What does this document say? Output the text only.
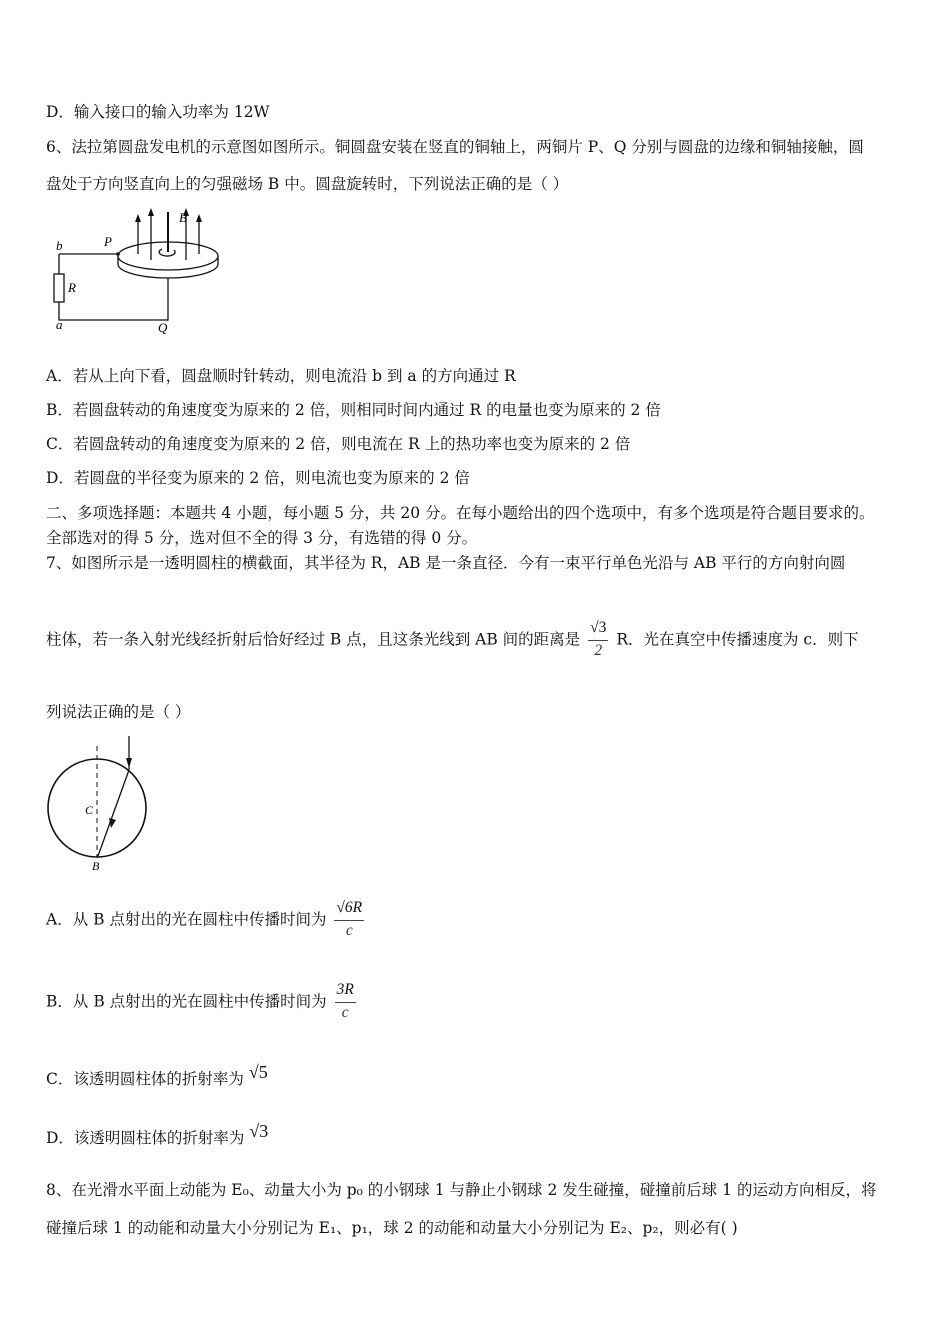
D．输入接口的输入功率为 12W
6、法拉第圆盘发电机的示意图如图所示。铜圆盘安装在竖直的铜轴上，两铜片 P、Q 分别与圆盘的边缘和铜轴接触，圆
盘处于方向竖直向上的匀强磁场 B 中。圆盘旋转时，下列说法正确的是（ ）
b	P
B
R
a	Q
A．若从上向下看，圆盘顺时针转动，则电流沿 b 到 a 的方向通过 R
B．若圆盘转动的角速度变为原来的 2 倍，则相同时间内通过 R 的电量也变为原来的 2 倍
C．若圆盘转动的角速度变为原来的 2 倍，则电流在 R 上的热功率也变为原来的 2 倍
D．若圆盘的半径变为原来的 2 倍，则电流也变为原来的 2 倍
二、多项选择题：本题共 4 小题，每小题 5 分，共 20 分。在每小题给出的四个选项中，有多个选项是符合题目要求的。
全部选对的得 5 分，选对但不全的得 3 分，有选错的得 0 分。
7、如图所示是一透明圆柱的横截面，其半径为 R，AB 是一条直径．今有一束平行单色光沿与 AB 平行的方向射向圆
柱体，若一条入射光线经折射后恰好经过 B 点，且这条光线到 AB 间的距离是 $\frac{√3}{2}$ R．光在真空中传播速度为 c．则下
列说法正确的是（ ）
C
B
A．从 B 点射出的光在圆柱中传播时间为 $\frac{√6R}{c}$
B．从 B 点射出的光在圆柱中传播时间为 $\frac{3R}{c}$
C．该透明圆柱体的折射率为 √5
D．该透明圆柱体的折射率为 √3
8、在光滑水平面上动能为 E₀、动量大小为 p₀ 的小钢球 1 与静止小钢球 2 发生碰撞，碰撞前后球 1 的运动方向相反，将
碰撞后球 1 的动能和动量大小分别记为 E₁、p₁，球 2 的动能和动量大小分别记为 E₂、p₂，则必有( )
